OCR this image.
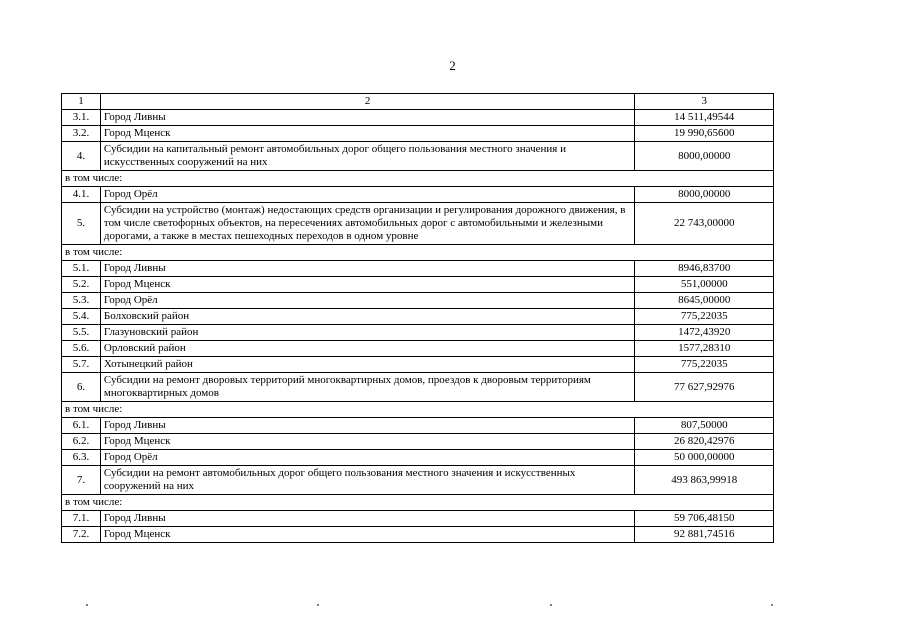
2
1	2	3
3.1.	Город Ливны	14 511,49544
3.2.	Город Мценск	19 990,65600
4.	Субсидии на капитальный ремонт автомобильных дорог общего пользования местного значения и искусственных сооружений на них	8000,00000
в том числе:		
4.1.	Город Орёл	8000,00000
5.	Субсидии на устройство (монтаж) недостающих средств организации и регулирования дорожного движения, в том числе светофорных объектов, на пересечениях автомобильных дорог с автомобильными и железными дорогами, а также в местах пешеходных переходов в одном уровне	22 743,00000
в том числе:		
5.1.	Город Ливны	8946,83700
5.2.	Город Мценск	551,00000
5.3.	Город Орёл	8645,00000
5.4.	Болховский район	775,22035
5.5.	Глазуновский район	1472,43920
5.6.	Орловский район	1577,28310
5.7.	Хотынецкий район	775,22035
6.	Субсидии на ремонт дворовых территорий многоквартирных домов, проездов к дворовым территориям многоквартирных домов	77 627,92976
в том числе:		
6.1.	Город Ливны	807,50000
6.2.	Город Мценск	26 820,42976
6.3.	Город Орёл	50 000,00000
7.	Субсидии на ремонт автомобильных дорог общего пользования местного значения и искусственных сооружений на них	493 863,99918
в том числе:		
7.1.	Город Ливны	59 706,48150
7.2.	Город Мценск	92 881,74516
